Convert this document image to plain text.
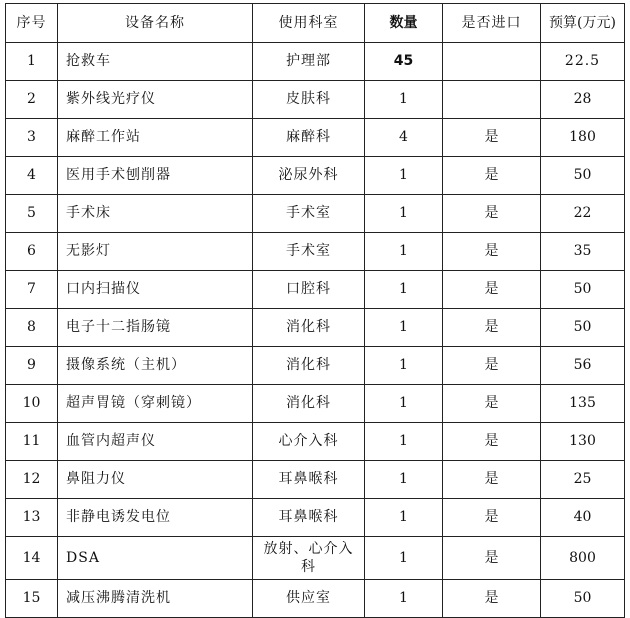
序号	设备名称	使用科室	数量	是否进口	预算(万元)
1	抢救车	护理部	45		22.5
2	紫外线光疗仪	皮肤科	1		28
3	麻醉工作站	麻醉科	4	是	180
4	医用手术刨削器	泌尿外科	1	是	50
5	手术床	手术室	1	是	22
6	无影灯	手术室	1	是	35
7	口内扫描仪	口腔科	1	是	50
8	电子十二指肠镜	消化科	1	是	50
9	摄像系统（主机）	消化科	1	是	56
10	超声胃镜（穿刺镜）	消化科	1	是	135
11	血管内超声仪	心介入科	1	是	130
12	鼻阻力仪	耳鼻喉科	1	是	25
13	非静电诱发电位	耳鼻喉科	1	是	40
14	DSA	放射、心介入科	1	是	800
15	减压沸腾清洗机	供应室	1	是	50
